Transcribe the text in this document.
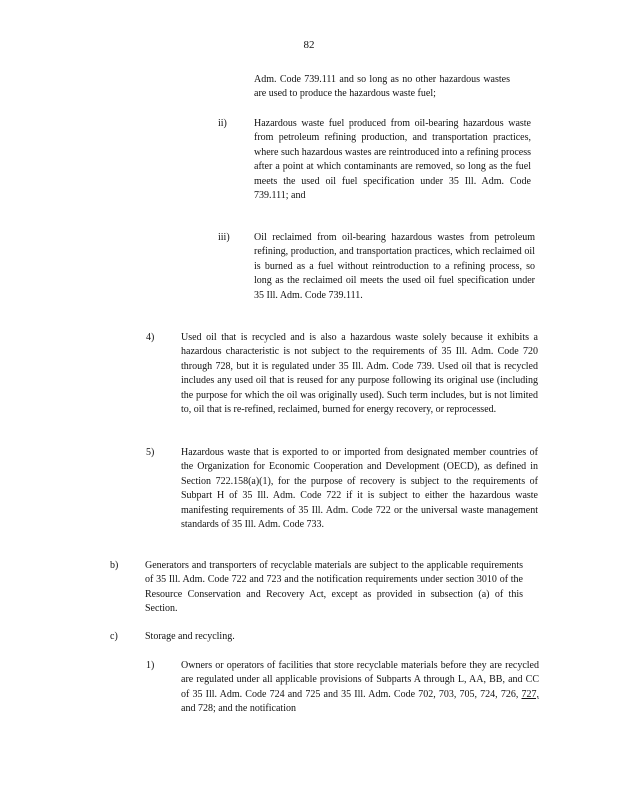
82
Adm. Code 739.111 and so long as no other hazardous wastes are used to produce the hazardous waste fuel;
ii)	Hazardous waste fuel produced from oil-bearing hazardous waste from petroleum refining production, and transportation practices, where such hazardous wastes are reintroduced into a refining process after a point at which contaminants are removed, so long as the fuel meets the used oil fuel specification under 35 Ill. Adm. Code 739.111; and
iii) Oil reclaimed from oil-bearing hazardous wastes from petroleum refining, production, and transportation practices, which reclaimed oil is burned as a fuel without reintroduction to a refining process, so long as the reclaimed oil meets the used oil fuel specification under 35 Ill. Adm. Code 739.111.
4)	Used oil that is recycled and is also a hazardous waste solely because it exhibits a hazardous characteristic is not subject to the requirements of 35 Ill. Adm. Code 720 through 728, but it is regulated under 35 Ill. Adm. Code 739. Used oil that is recycled includes any used oil that is reused for any purpose following its original use (including the purpose for which the oil was originally used). Such term includes, but is not limited to, oil that is re-refined, reclaimed, burned for energy recovery, or reprocessed.
5)	Hazardous waste that is exported to or imported from designated member countries of the Organization for Economic Cooperation and Development (OECD), as defined in Section 722.158(a)(1), for the purpose of recovery is subject to the requirements of Subpart H of 35 Ill. Adm. Code 722 if it is subject to either the hazardous waste manifesting requirements of 35 Ill. Adm. Code 722 or the universal waste management standards of 35 Ill. Adm. Code 733.
b)	Generators and transporters of recyclable materials are subject to the applicable requirements of 35 Ill. Adm. Code 722 and 723 and the notification requirements under section 3010 of the Resource Conservation and Recovery Act, except as provided in subsection (a) of this Section.
c)	Storage and recycling.
1)	Owners or operators of facilities that store recyclable materials before they are recycled are regulated under all applicable provisions of Subparts A through L, AA, BB, and CC of 35 Ill. Adm. Code 724 and 725 and 35 Ill. Adm. Code 702, 703, 705, 724, 726, 727, and 728; and the notification
